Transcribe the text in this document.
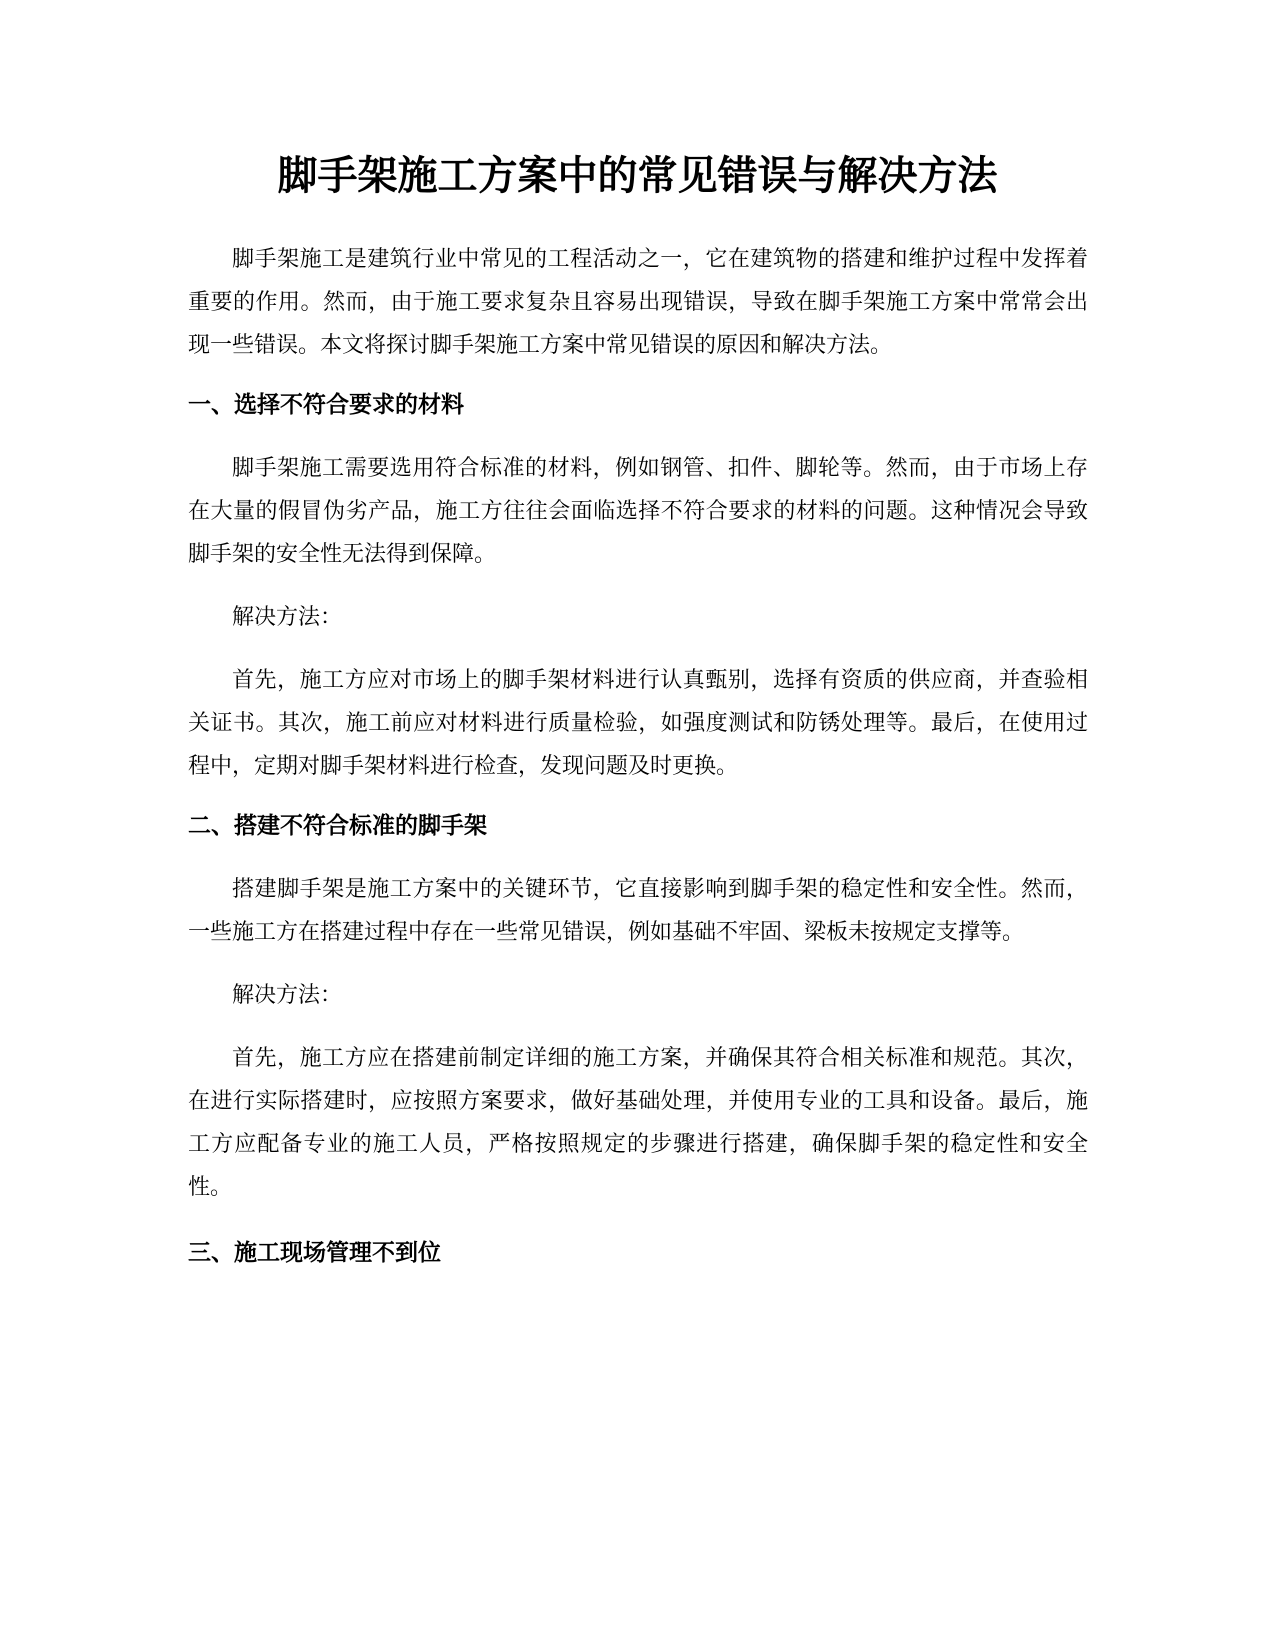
脚手架施工方案中的常见错误与解决方法

脚手架施工是建筑行业中常见的工程活动之一，它在建筑物的搭建和维护过程中发挥着重要的作用。然而，由于施工要求复杂且容易出现错误，导致在脚手架施工方案中常常会出现一些错误。本文将探讨脚手架施工方案中常见错误的原因和解决方法。

一、选择不符合要求的材料

脚手架施工需要选用符合标准的材料，例如钢管、扣件、脚轮等。然而，由于市场上存在大量的假冒伪劣产品，施工方往往会面临选择不符合要求的材料的问题。这种情况会导致脚手架的安全性无法得到保障。

解决方法：

首先，施工方应对市场上的脚手架材料进行认真甄别，选择有资质的供应商，并查验相关证书。其次，施工前应对材料进行质量检验，如强度测试和防锈处理等。最后，在使用过程中，定期对脚手架材料进行检查，发现问题及时更换。

二、搭建不符合标准的脚手架

搭建脚手架是施工方案中的关键环节，它直接影响到脚手架的稳定性和安全性。然而，一些施工方在搭建过程中存在一些常见错误，例如基础不牢固、梁板未按规定支撑等。

解决方法：

首先，施工方应在搭建前制定详细的施工方案，并确保其符合相关标准和规范。其次，在进行实际搭建时，应按照方案要求，做好基础处理，并使用专业的工具和设备。最后，施工方应配备专业的施工人员，严格按照规定的步骤进行搭建，确保脚手架的稳定性和安全性。

三、施工现场管理不到位
